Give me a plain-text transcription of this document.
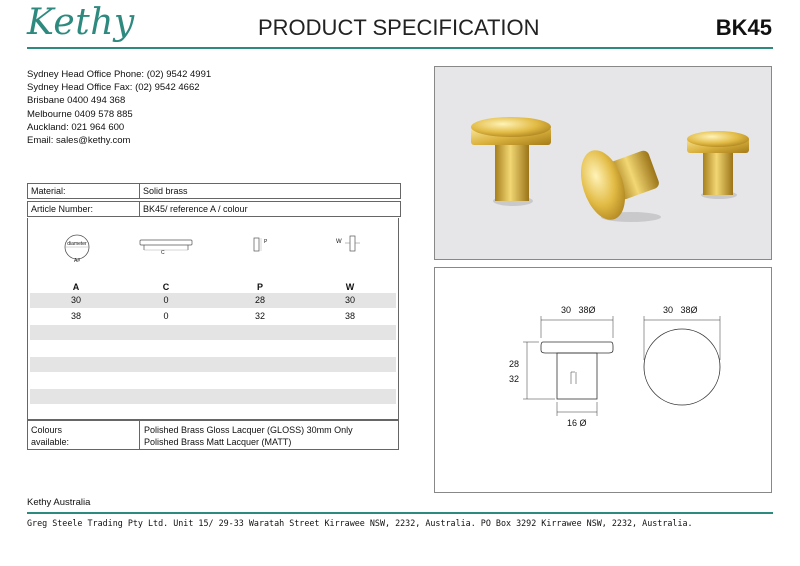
Kethy	PRODUCT SPECIFICATION	BK45
Sydney Head Office Phone: (02) 9542 4991
Sydney Head Office Fax: (02) 9542 4662
Brisbane 0400 494 368
Melbourne 0409 578 885
Auckland: 021 964 600
Email: sales@kethy.com
Material:	Solid brass
Article Number:	BK45/ reference A / colour
diameter
A#
C
P	W
A	C	P	W
30	0	28	30
38	0	32	38
Colours
available:
Polished Brass Gloss Lacquer (GLOSS) 30mm Only
Polished Brass Matt Lacquer (MATT)
30   38Ø	30   38Ø
28
32
16 Ø
Kethy Australia
Greg Steele Trading Pty Ltd. Unit 15/ 29-33 Waratah Street Kirrawee NSW, 2232, Australia. PO Box 3292 Kirrawee NSW, 2232, Australia.
